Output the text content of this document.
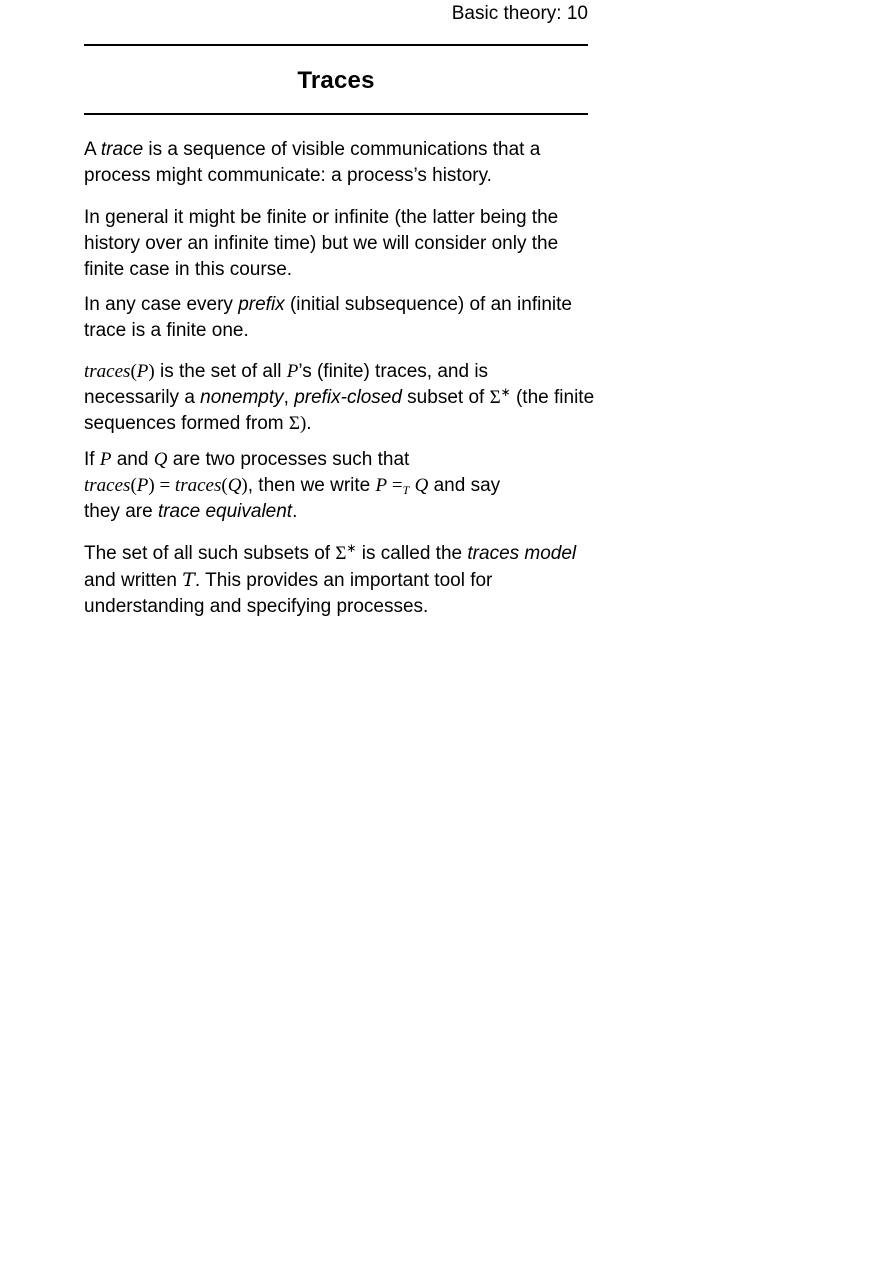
Basic theory: 10
Traces

A trace is a sequence of visible communications that a
process might communicate: a process’s history.

In general it might be finite or infinite (the latter being the
history over an infinite time) but we will consider only the
finite case in this course.

In any case every prefix (initial subsequence) of an infinite
trace is a finite one.

traces(P) is the set of all P’s (finite) traces, and is
necessarily a nonempty, prefix-closed subset of Σ∗ (the finite
sequences formed from Σ).

If P and Q are two processes such that
traces(P) = traces(Q), then we write $P =_T$ Q and say
they are trace equivalent.

The set of all such subsets of Σ∗ is called the traces model
and written T. This provides an important tool for
understanding and specifying processes.
